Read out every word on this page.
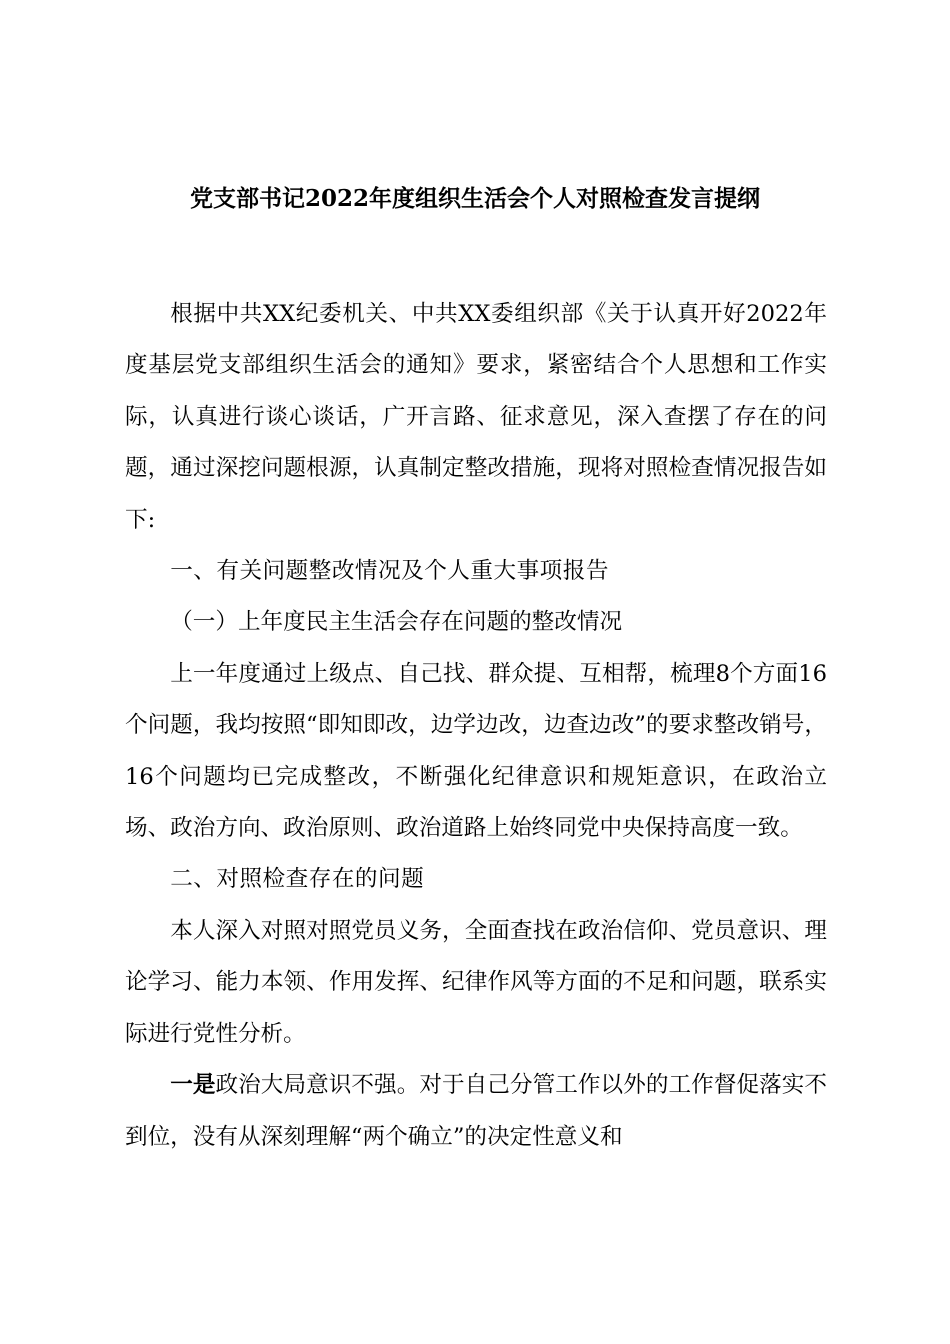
党支部书记2022年度组织生活会个人对照检查发言提纲

根据中共XX纪委机关、中共XX委组织部《关于认真开好2022年度基层党支部组织生活会的通知》要求，紧密结合个人思想和工作实际，认真进行谈心谈话，广开言路、征求意见，深入查摆了存在的问题，通过深挖问题根源，认真制定整改措施，现将对照检查情况报告如下:

一、有关问题整改情况及个人重大事项报告

（一）上年度民主生活会存在问题的整改情况

上一年度通过上级点、自己找、群众提、互相帮，梳理8个方面16个问题，我均按照“即知即改，边学边改，边查边改”的要求整改销号，16个问题均已完成整改，不断强化纪律意识和规矩意识，在政治立场、政治方向、政治原则、政治道路上始终同党中央保持高度一致。

二、对照检查存在的问题

本人深入对照对照党员义务，全面查找在政治信仰、党员意识、理论学习、能力本领、作用发挥、纪律作风等方面的不足和问题，联系实际进行党性分析。

一是政治大局意识不强。对于自己分管工作以外的工作督促落实不到位，没有从深刻理解“两个确立”的决定性意义和
